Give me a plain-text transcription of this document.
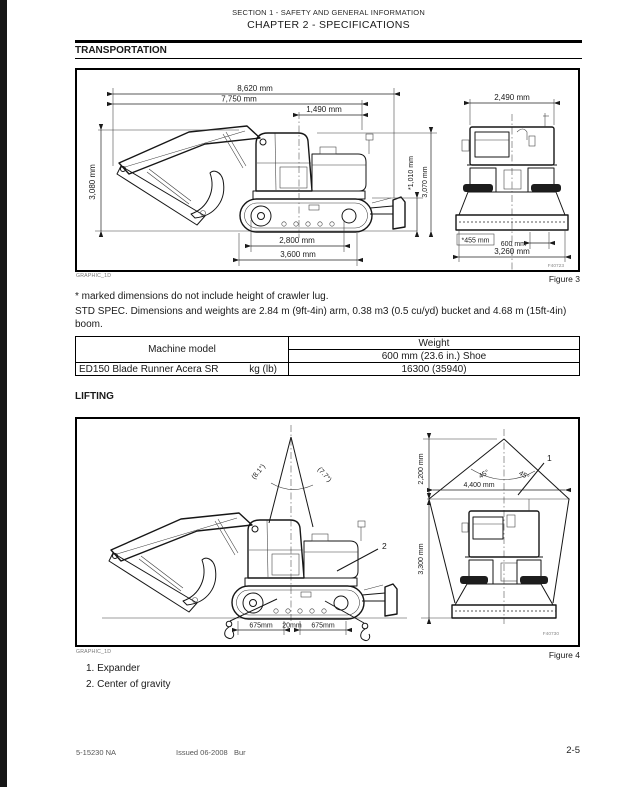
SECTION 1 - SAFETY AND GENERAL INFORMATION
CHAPTER 2 - SPECIFICATIONS
TRANSPORTATION
8,620 mm
7,750 mm
1,490 mm
3,080 mm	*1,010 mm 3,070 mm
2,800 mm
3,600 mm
2,490 mm
*455 mm 600 mm
3,260 mm
F40723
GRAPHIC_1D	Figure 3
* marked dimensions do not include height of crawler lug.
STD SPEC. Dimensions and weights are 2.84 m (9ft-4in) arm, 0.38 m3 (0.5 cu/yd) bucket and 4.68 m (15ft-4in) boom.
Machine model	Weight
	600 mm (23.6 in.) Shoe

ED150 Blade Runner Acera SR kg (lb)	16300 (35940)
LIFTING
(8.1°)	(7.7°)
2
675mm 20mm 675mm
45°	45°
1
2,200 mm
4,400 mm
3,300 mm
F40730
GRAPHIC_1D	Figure 4
1. Expander
2. Center of gravity
5-15230 NA	Issued 06-2008 Bur	2-5
